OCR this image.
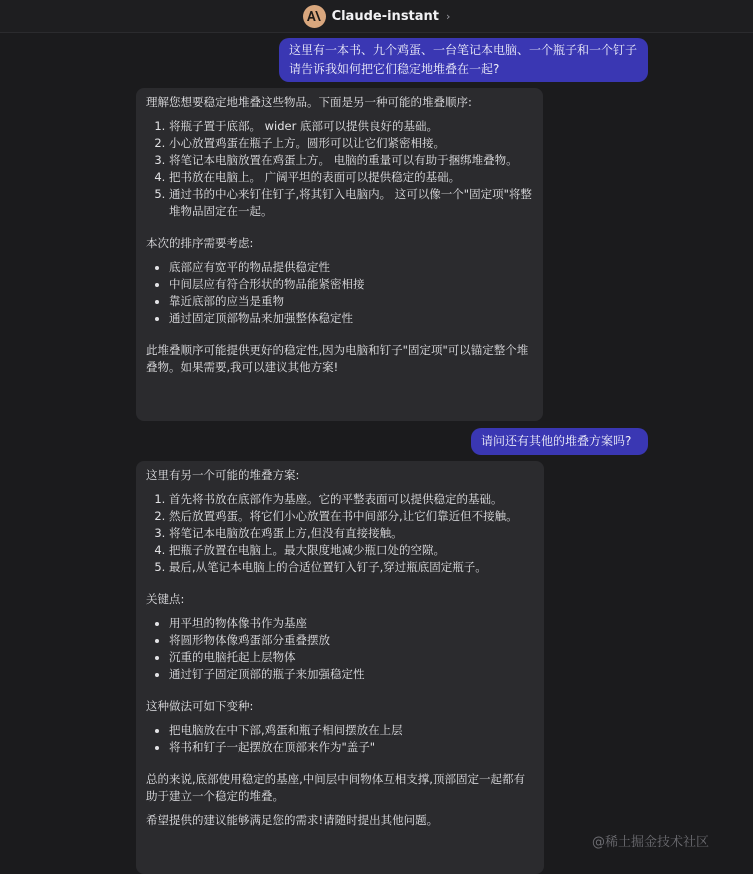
Claude-instant ›
这里有一本书、九个鸡蛋、一台笔记本电脑、一个瓶子和一个钉子
请告诉我如何把它们稳定地堆叠在一起?

理解您想要稳定地堆叠这些物品。下面是另一种可能的堆叠顺序:

1. 将瓶子置于底部。 wider 底部可以提供良好的基础。
2. 小心放置鸡蛋在瓶子上方。圆形可以让它们紧密相接。
3. 将笔记本电脑放置在鸡蛋上方。 电脑的重量可以有助于捆绑堆叠物。
4. 把书放在电脑上。 广阔平坦的表面可以提供稳定的基础。
5. 通过书的中心来钉住钉子,将其钉入电脑内。 这可以像一个"固定项"将整堆物品固定在一起。

本次的排序需要考虑:

• 底部应有宽平的物品提供稳定性
• 中间层应有符合形状的物品能紧密相接
• 靠近底部的应当是重物
• 通过固定顶部物品来加强整体稳定性

此堆叠顺序可能提供更好的稳定性,因为电脑和钉子"固定项"可以锚定整个堆叠物。如果需要,我可以建议其他方案!

请问还有其他的堆叠方案吗?

这里有另一个可能的堆叠方案:

1. 首先将书放在底部作为基座。它的平整表面可以提供稳定的基础。
2. 然后放置鸡蛋。将它们小心放置在书中间部分,让它们靠近但不接触。
3. 将笔记本电脑放在鸡蛋上方,但没有直接接触。
4. 把瓶子放置在电脑上。最大限度地减少瓶口处的空隙。
5. 最后,从笔记本电脑上的合适位置钉入钉子,穿过瓶底固定瓶子。

关键点:

• 用平坦的物体像书作为基座
• 将圆形物体像鸡蛋部分重叠摆放
• 沉重的电脑托起上层物体
• 通过钉子固定顶部的瓶子来加强稳定性

这种做法可如下变种:

• 把电脑放在中下部,鸡蛋和瓶子相间摆放在上层
• 将书和钉子一起摆放在顶部来作为"盖子"

总的来说,底部使用稳定的基座,中间层中间物体互相支撑,顶部固定一起都有助于建立一个稳定的堆叠。

希望提供的建议能够满足您的需求!请随时提出其他问题。

@稀土掘金技术社区
